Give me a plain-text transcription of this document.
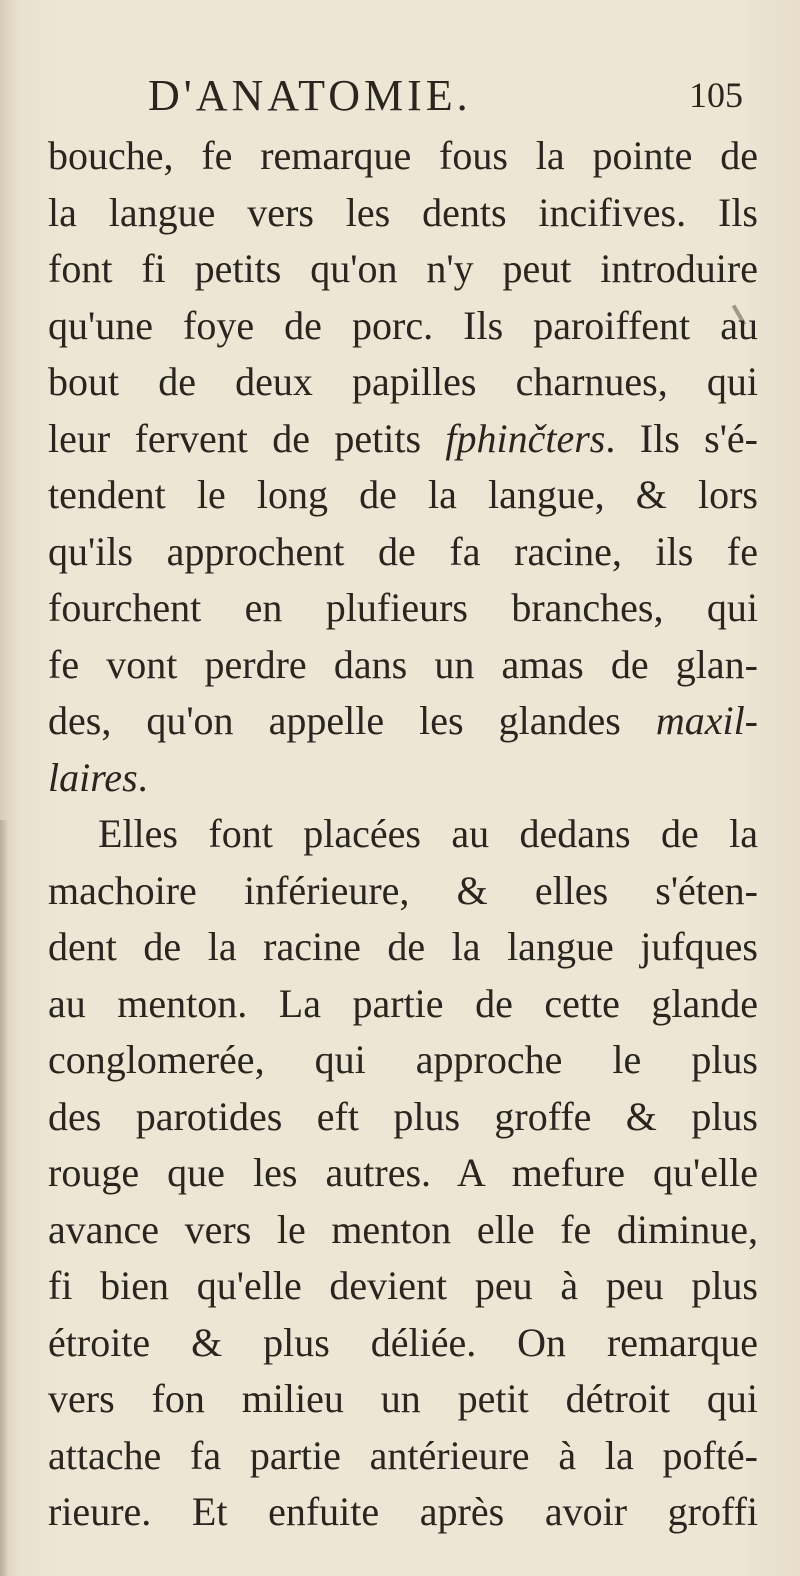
D'ANATOMIE.	105
bouche, fe remarque fous la pointe de
la langue vers les dents incifives. Ils
font fi petits qu'on n'y peut introduire
qu'une foye de porc. Ils paroiffent au
bout de deux papilles charnues, qui
leur fervent de petits fphinčters. Ils s'é-
tendent le long de la langue, & lors
qu'ils approchent de fa racine, ils fe
fourchent en plufieurs branches, qui
fe vont perdre dans un amas de glan-
des, qu'on appelle les glandes maxil-
laires.
Elles font placées au dedans de la
machoire inférieure, & elles s'éten-
dent de la racine de la langue jufques
au menton. La partie de cette glande
conglomerée, qui approche le plus
des parotides eft plus groffe & plus
rouge que les autres. A mefure qu'elle
avance vers le menton elle fe diminue,
fi bien qu'elle devient peu à peu plus
étroite & plus déliée. On remarque
vers fon milieu un petit détroit qui
attache fa partie antérieure à la pofté-
rieure. Et enfuite après avoir groffi
